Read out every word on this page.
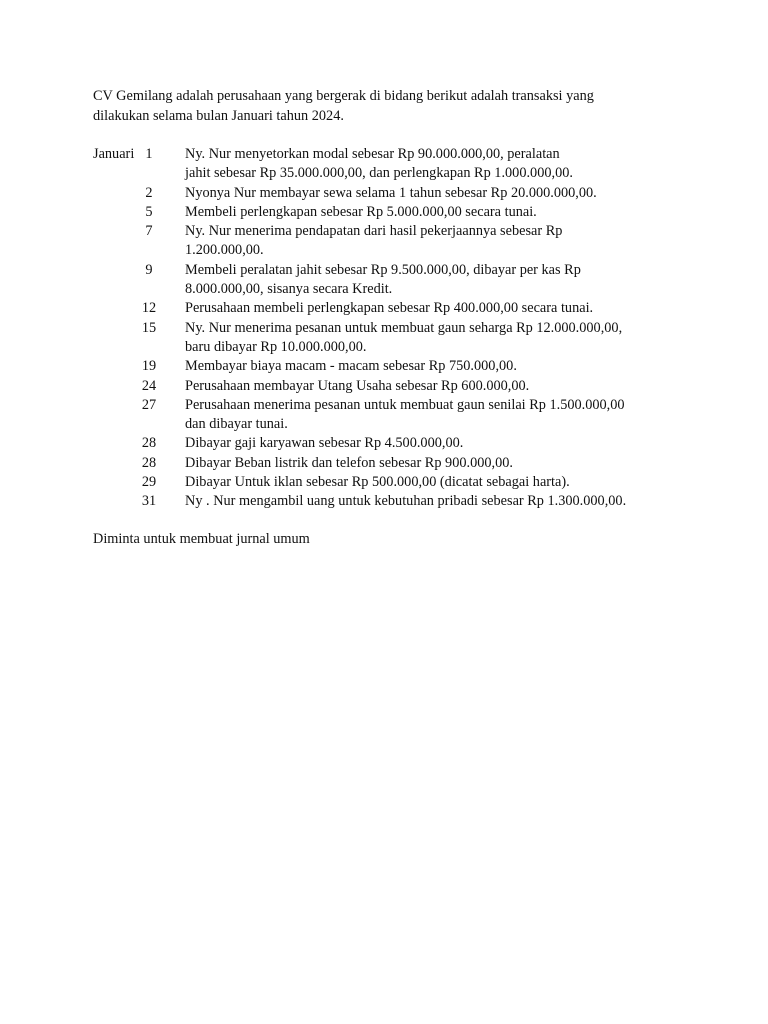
CV Gemilang adalah perusahaan yang bergerak di bidang berikut adalah transaksi yang
dilakukan selama bulan Januari tahun 2024.

Januari 1	Ny. Nur menyetorkan modal sebesar Rp 90.000.000,00, peralatan
jahit sebesar Rp 35.000.000,00, dan perlengkapan Rp 1.000.000,00.
2	Nyonya Nur membayar sewa selama 1 tahun sebesar Rp 20.000.000,00.
5	Membeli perlengkapan sebesar Rp 5.000.000,00 secara tunai.
7	Ny. Nur menerima pendapatan dari hasil pekerjaannya sebesar Rp
1.200.000,00.
9	Membeli peralatan jahit sebesar Rp 9.500.000,00, dibayar per kas Rp
8.000.000,00, sisanya secara Kredit.
12	Perusahaan membeli perlengkapan sebesar Rp 400.000,00 secara tunai.
15	Ny. Nur menerima pesanan untuk membuat gaun seharga Rp 12.000.000,00,
baru dibayar Rp 10.000.000,00.
19	Membayar biaya macam - macam sebesar Rp 750.000,00.
24	Perusahaan membayar Utang Usaha sebesar Rp 600.000,00.
27	Perusahaan menerima pesanan untuk membuat gaun senilai Rp 1.500.000,00
dan dibayar tunai.
28	Dibayar gaji karyawan sebesar Rp 4.500.000,00.
28	Dibayar Beban listrik dan telefon sebesar Rp 900.000,00.
29	Dibayar Untuk iklan sebesar Rp 500.000,00 (dicatat sebagai harta).
31	Ny . Nur mengambil uang untuk kebutuhan pribadi sebesar Rp 1.300.000,00.
Diminta untuk membuat jurnal umum
